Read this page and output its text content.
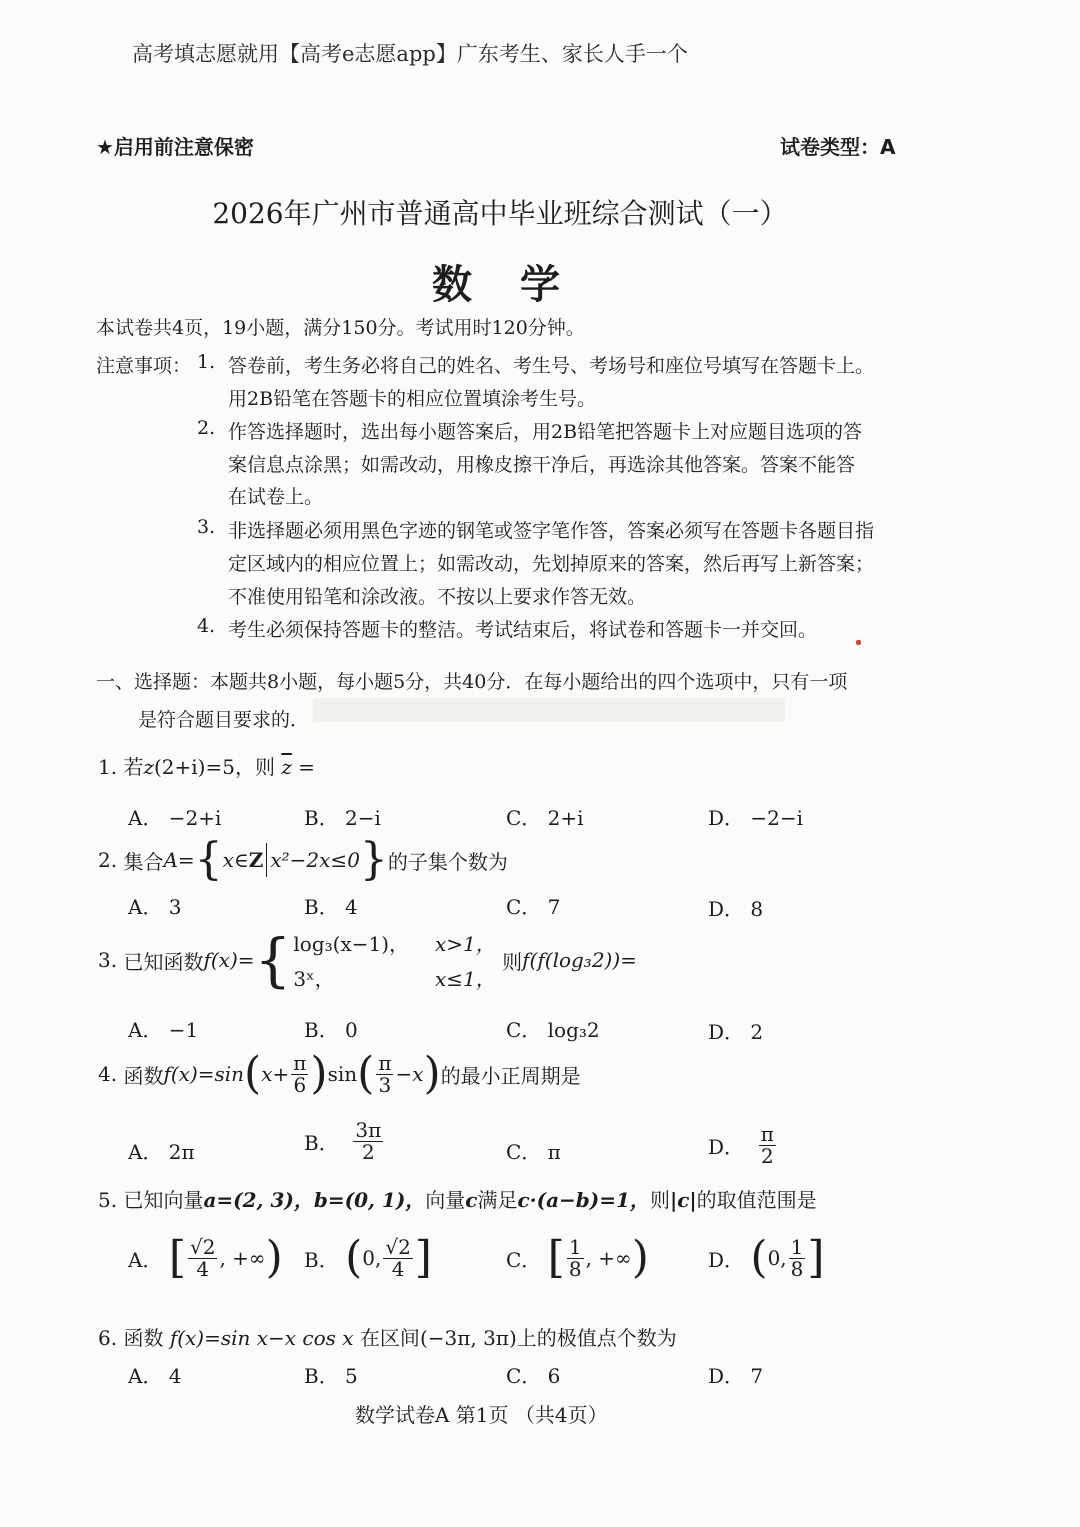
高考填志愿就用【高考e志愿app】广东考生、家长人手一个
★启用前注意保密	试卷类型：A
2026年广州市普通高中毕业班综合测试（一）
数学
本试卷共4页，19小题，满分150分。考试用时120分钟。
注意事项： 1. 答卷前，考生务必将自己的姓名、考生号、考场号和座位号填写在答题卡上。
用2B铅笔在答题卡的相应位置填涂考生号。
2. 作答选择题时，选出每小题答案后，用2B铅笔把答题卡上对应题目选项的答
案信息点涂黑；如需改动，用橡皮擦干净后，再选涂其他答案。答案不能答
在试卷上。
3. 非选择题必须用黑色字迹的钢笔或签字笔作答，答案必须写在答题卡各题目指
定区域内的相应位置上；如需改动，先划掉原来的答案，然后再写上新答案；
不准使用铅笔和涂改液。不按以上要求作答无效。
4. 考生必须保持答题卡的整洁。考试结束后，将试卷和答题卡一并交回。
一、选择题：本题共8小题，每小题5分，共40分．在每小题给出的四个选项中，只有一项
是符合题目要求的．
1. 若z(2+i)=5，则 $\overline{z}$ =
A． −2+i	B． 2−i	C． 2+i	D． −2−i
2.
集合 A = { x∈ Z x²−2x≤0 } 的子集个数为
A． 3	B． 4	C． 7	D． 8
3.
已知函数 f(x)= { log₃(x−1)， x>1，
3ˣ，	x≤1，

则 f(f(log₃2))=
A． −1	B． 0	C． log₃2	D． 2
4.
函数 f(x)=sin ( $x+ \frac{\pi}{6}$ ) sin ( $\frac{\pi}{3} -x$ ) 的最小正周期是
A． 2π	B．
$\frac{3\pi}{2}$	C． π	D．
$\frac{\pi}{2}$
5. 已知向量a=(2, 3)，b=(0, 1)，向量c满足c·(a−b)=1，则|c|的取值范围是
A．
[ $\frac{√2}{4}$ , +∞ ) B．
( 0, $\frac{√2}{4}$ ]	C．
[ $\frac{1}{8}$ , +∞ )	D．
( 0, $\frac{1}{8}$ ]
6. 函数 f(x)=sin x−x cos x 在区间(−3π, 3π)上的极值点个数为
A． 4	B． 5	C． 6	D． 7
数学试卷A 第1页 （共4页）
